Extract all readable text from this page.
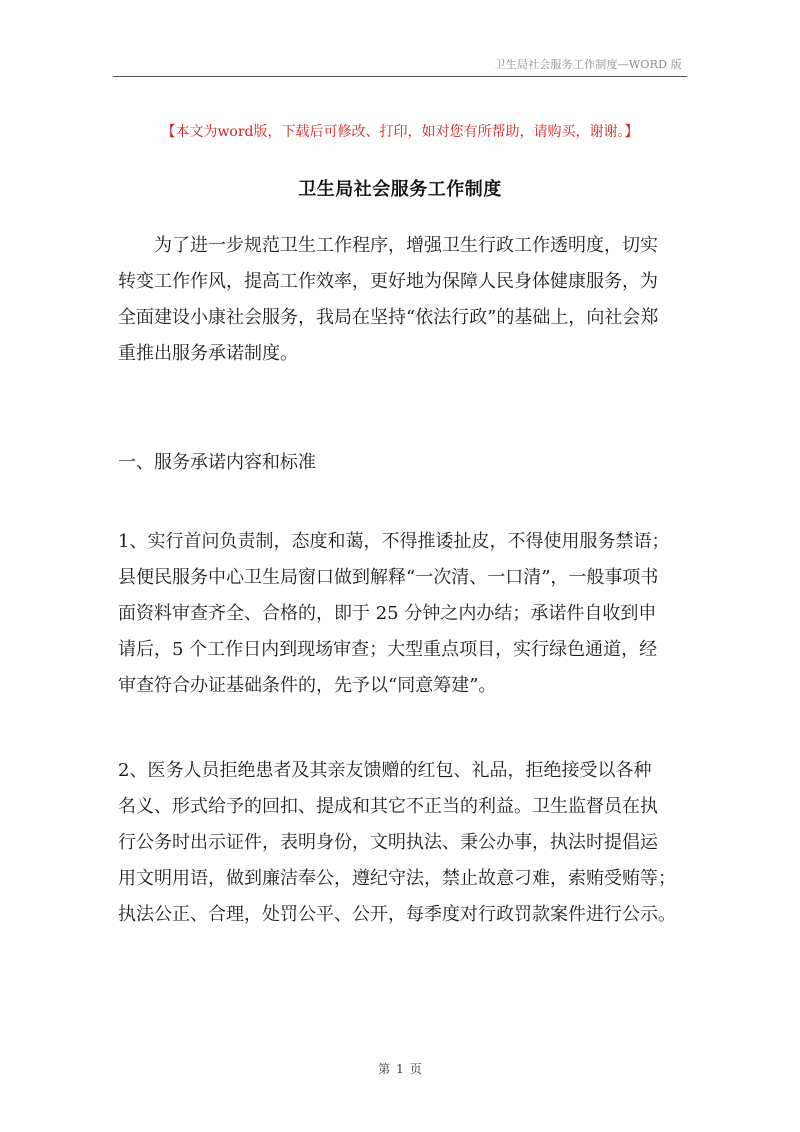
卫生局社会服务工作制度—WORD 版
【本文为word版，下载后可修改、打印，如对您有所帮助，请购买，谢谢。】
卫生局社会服务工作制度
　　为了进一步规范卫生工作程序，增强卫生行政工作透明度，切实
转变工作作风，提高工作效率，更好地为保障人民身体健康服务，为
全面建设小康社会服务，我局在坚持“依法行政”的基础上，向社会郑
重推出服务承诺制度。
一、服务承诺内容和标准
1、实行首问负责制，态度和蔼，不得推诿扯皮，不得使用服务禁语；
县便民服务中心卫生局窗口做到解释“一次清、一口清”，一般事项书
面资料审查齐全、合格的，即于 25 分钟之内办结；承诺件自收到申
请后，5 个工作日内到现场审查；大型重点项目，实行绿色通道，经
审查符合办证基础条件的，先予以“同意筹建”。
2、医务人员拒绝患者及其亲友馈赠的红包、礼品，拒绝接受以各种
名义、形式给予的回扣、提成和其它不正当的利益。卫生监督员在执
行公务时出示证件，表明身份，文明执法、秉公办事，执法时提倡运
用文明用语，做到廉洁奉公，遵纪守法，禁止故意刁难，索贿受贿等；
执法公正、合理，处罚公平、公开，每季度对行政罚款案件进行公示。
第 1 页
